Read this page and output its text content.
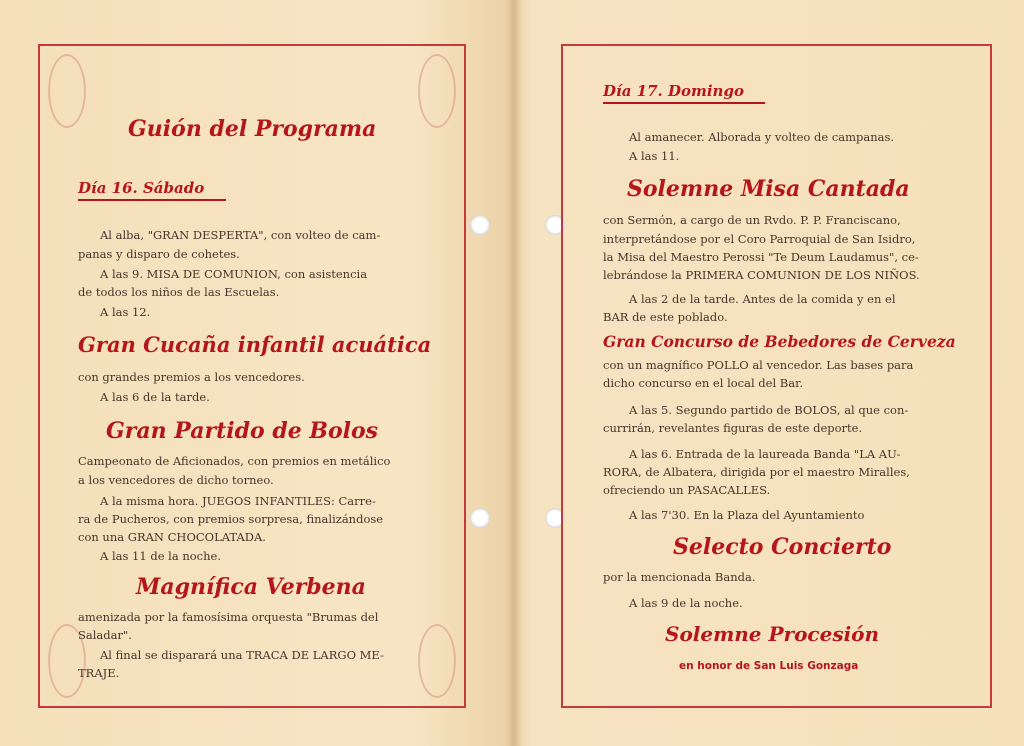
Guión del Programa
Día 16. Sábado
Al alba, "GRAN DESPERTA", con volteo de cam-
panas y disparo de cohetes.
A las 9. MISA DE COMUNION, con asistencia
de todos los niños de las Escuelas.
A las 12.
Gran Cucaña infantil acuática
con grandes premios a los vencedores.
A las 6 de la tarde.
Gran Partido de Bolos
Campeonato de Aficionados, con premios en metálico
a los vencedores de dicho torneo.
A la misma hora. JUEGOS INFANTILES: Carre-
ra de Pucheros, con premios sorpresa, finalizándose
con una GRAN CHOCOLATADA.
A las 11 de la noche.
Magnífica Verbena
amenizada por la famosísima orquesta "Brumas del
Saladar".
Al final se disparará una TRACA DE LARGO ME-
TRAJE.
Día 17. Domingo
Al amanecer. Alborada y volteo de campanas.
A las 11.
Solemne Misa Cantada
con Sermón, a cargo de un Rvdo. P. P. Franciscano,
interpretándose por el Coro Parroquial de San Isidro,
la Misa del Maestro Perossi "Te Deum Laudamus", ce-
lebrándose la PRIMERA COMUNION DE LOS NIÑOS.
A las 2 de la tarde. Antes de la comida y en el
BAR de este poblado.
Gran Concurso de Bebedores de Cerveza
con un magnífico POLLO al vencedor. Las bases para
dicho concurso en el local del Bar.
A las 5. Segundo partido de BOLOS, al que con-
currirán, revelantes figuras de este deporte.
A las 6. Entrada de la laureada Banda "LA AU-
RORA, de Albatera, dirigida por el maestro Miralles,
ofreciendo un PASACALLES.
A las 7'30. En la Plaza del Ayuntamiento
Selecto Concierto
por la mencionada Banda.
A las 9 de la noche.
Solemne Procesión
en honor de San Luis Gonzaga
